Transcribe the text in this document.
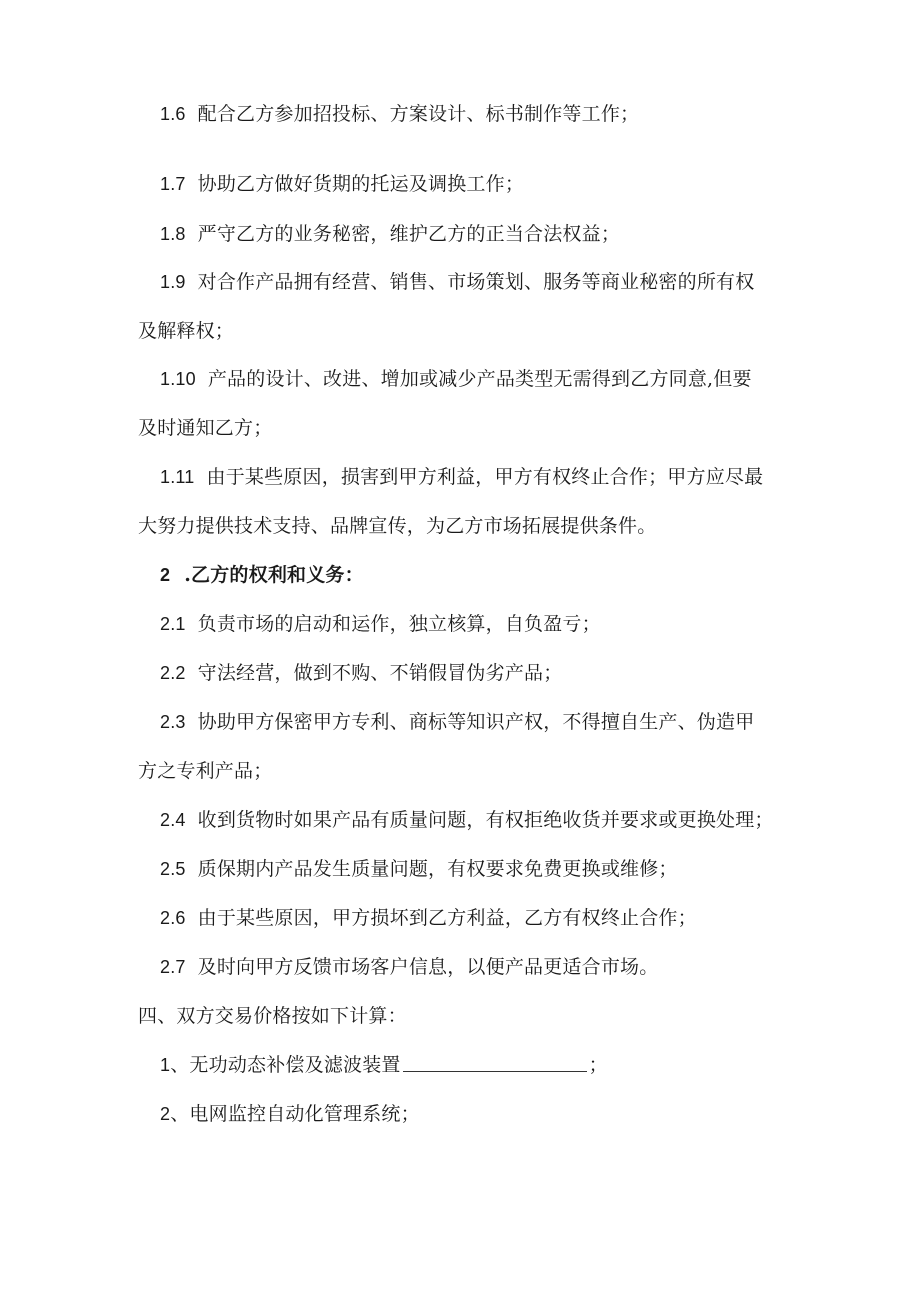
1.6 配合乙方参加招投标、方案设计、标书制作等工作；
1.7 协助乙方做好货期的托运及调换工作；
1.8 严守乙方的业务秘密，维护乙方的正当合法权益；
1.9 对合作产品拥有经营、销售、市场策划、服务等商业秘密的所有权
及解释权；
1.10 产品的设计、改进、增加或减少产品类型无需得到乙方同意,但要
及时通知乙方；
1.11 由于某些原因，损害到甲方利益，甲方有权终止合作；甲方应尽最
大努力提供技术支持、品牌宣传，为乙方市场拓展提供条件。
2 .乙方的权利和义务：
2.1 负责市场的启动和运作，独立核算，自负盈亏；
2.2 守法经营，做到不购、不销假冒伪劣产品；
2.3 协助甲方保密甲方专利、商标等知识产权，不得擅自生产、伪造甲
方之专利产品；
2.4 收到货物时如果产品有质量问题，有权拒绝收货并要求或更换处理；
2.5 质保期内产品发生质量问题，有权要求免费更换或维修；
2.6 由于某些原因，甲方损坏到乙方利益，乙方有权终止合作；
2.7 及时向甲方反馈市场客户信息，以便产品更适合市场。
四、双方交易价格按如下计算：
1、无功动态补偿及滤波装置	；
2、电网监控自动化管理系统；
